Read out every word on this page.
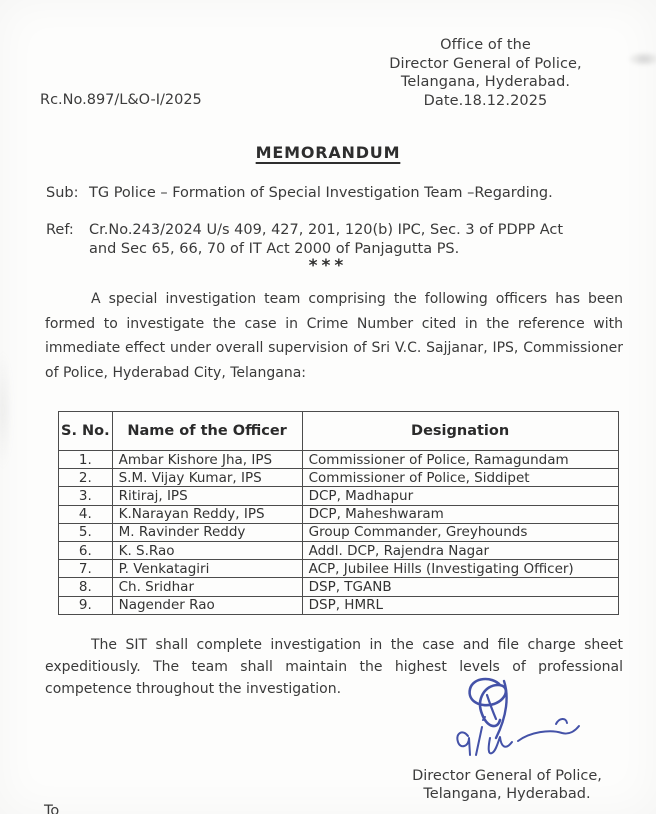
Office of the
Director General of Police,
Telangana, Hyderabad.
Date.18.12.2025
Rc.No.897/L&O-I/2025
MEMORANDUM
Sub: TG Police – Formation of Special Investigation Team –Regarding.
Ref:	Cr.No.243/2024 U/s 409, 427, 201, 120(b) IPC, Sec. 3 of PDPP Act and Sec 65, 66, 70 of IT Act 2000 of Panjagutta PS.
***
A special investigation team comprising the following officers has been formed to investigate the case in Crime Number cited in the reference with immediate effect under overall supervision of Sri V.C. Sajjanar, IPS, Commissioner of Police, Hyderabad City, Telangana:
S. No.	Name of the Officer	Designation
1.	Ambar Kishore Jha, IPS	Commissioner of Police, Ramagundam
2.	S.M. Vijay Kumar, IPS	Commissioner of Police, Siddipet
3.	Ritiraj, IPS	DCP, Madhapur
4.	K.Narayan Reddy, IPS	DCP, Maheshwaram
5.	M. Ravinder Reddy	Group Commander, Greyhounds
6.	K. S.Rao	Addl. DCP, Rajendra Nagar
7.	P. Venkatagiri	ACP, Jubilee Hills (Investigating Officer)
8.	Ch. Sridhar	DSP, TGANB
9.	Nagender Rao	DSP, HMRL
The SIT shall complete investigation in the case and file charge sheet expeditiously. The team shall maintain the highest levels of professional competence throughout the investigation.
Director General of Police,
Telangana, Hyderabad.
To
